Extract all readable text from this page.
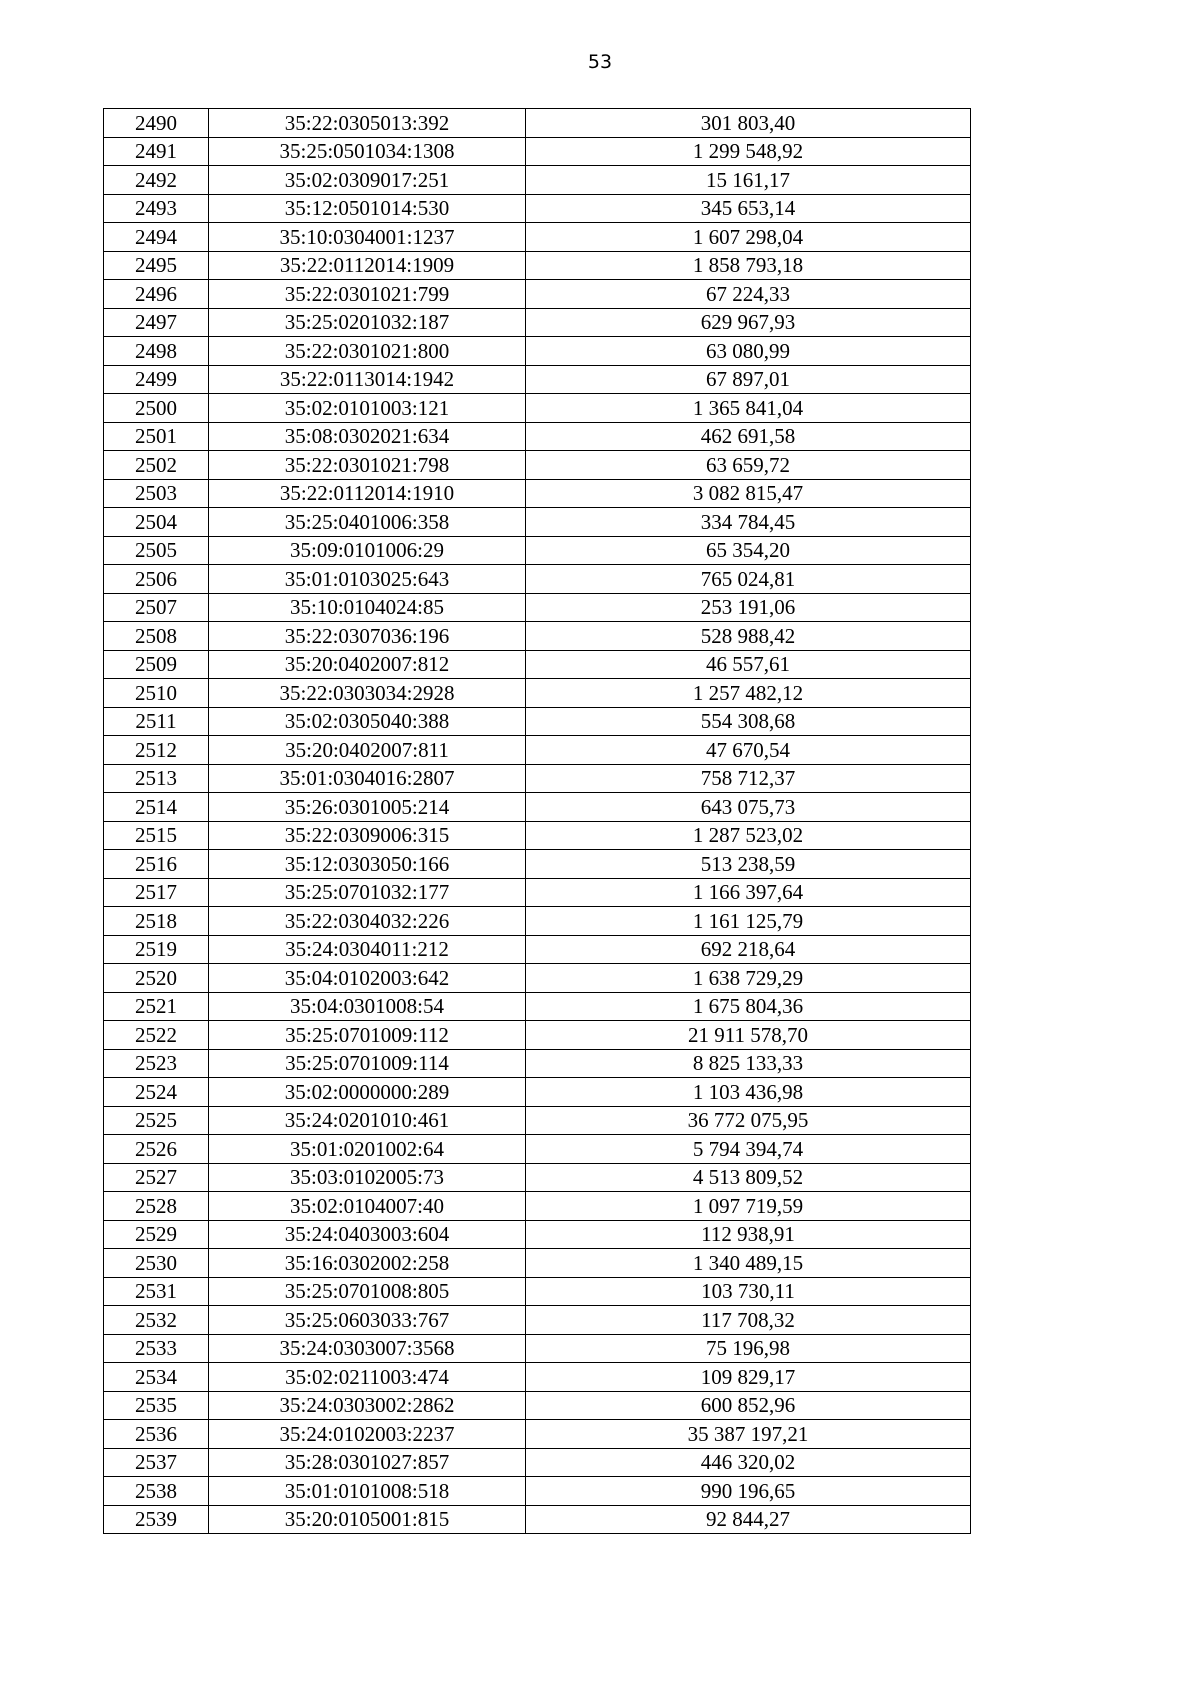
53
2490	35:22:0305013:392	301 803,40
2491	35:25:0501034:1308	1 299 548,92
2492	35:02:0309017:251	15 161,17
2493	35:12:0501014:530	345 653,14
2494	35:10:0304001:1237	1 607 298,04
2495	35:22:0112014:1909	1 858 793,18
2496	35:22:0301021:799	67 224,33
2497	35:25:0201032:187	629 967,93
2498	35:22:0301021:800	63 080,99
2499	35:22:0113014:1942	67 897,01
2500	35:02:0101003:121	1 365 841,04
2501	35:08:0302021:634	462 691,58
2502	35:22:0301021:798	63 659,72
2503	35:22:0112014:1910	3 082 815,47
2504	35:25:0401006:358	334 784,45
2505	35:09:0101006:29	65 354,20
2506	35:01:0103025:643	765 024,81
2507	35:10:0104024:85	253 191,06
2508	35:22:0307036:196	528 988,42
2509	35:20:0402007:812	46 557,61
2510	35:22:0303034:2928	1 257 482,12
2511	35:02:0305040:388	554 308,68
2512	35:20:0402007:811	47 670,54
2513	35:01:0304016:2807	758 712,37
2514	35:26:0301005:214	643 075,73
2515	35:22:0309006:315	1 287 523,02
2516	35:12:0303050:166	513 238,59
2517	35:25:0701032:177	1 166 397,64
2518	35:22:0304032:226	1 161 125,79
2519	35:24:0304011:212	692 218,64
2520	35:04:0102003:642	1 638 729,29
2521	35:04:0301008:54	1 675 804,36
2522	35:25:0701009:112	21 911 578,70
2523	35:25:0701009:114	8 825 133,33
2524	35:02:0000000:289	1 103 436,98
2525	35:24:0201010:461	36 772 075,95
2526	35:01:0201002:64	5 794 394,74
2527	35:03:0102005:73	4 513 809,52
2528	35:02:0104007:40	1 097 719,59
2529	35:24:0403003:604	112 938,91
2530	35:16:0302002:258	1 340 489,15
2531	35:25:0701008:805	103 730,11
2532	35:25:0603033:767	117 708,32
2533	35:24:0303007:3568	75 196,98
2534	35:02:0211003:474	109 829,17
2535	35:24:0303002:2862	600 852,96
2536	35:24:0102003:2237	35 387 197,21
2537	35:28:0301027:857	446 320,02
2538	35:01:0101008:518	990 196,65
2539	35:20:0105001:815	92 844,27
